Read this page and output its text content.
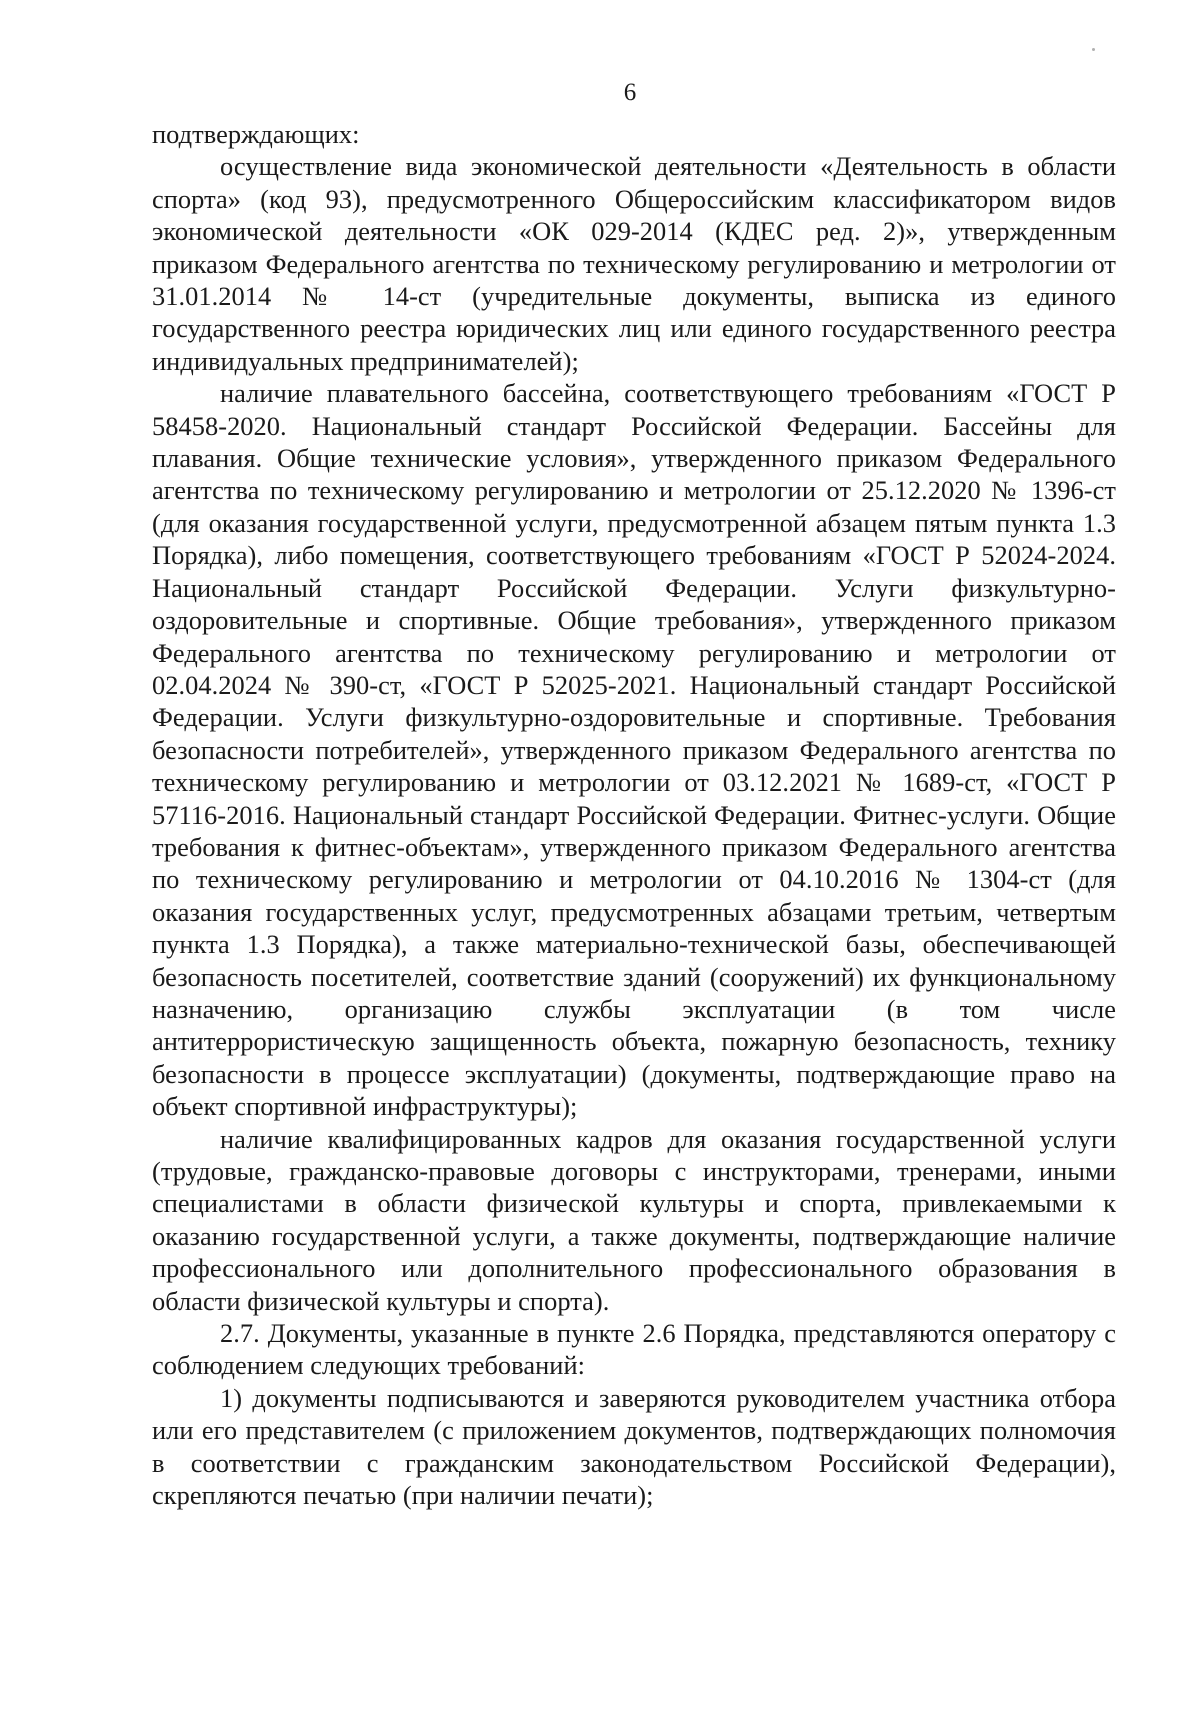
6

подтверждающих:

осуществление вида экономической деятельности «Деятельность в области спорта» (код 93), предусмотренного Общероссийским классификатором видов экономической деятельности «ОК 029-2014 (КДЕС ред. 2)», утвержденным приказом Федерального агентства по техническому регулированию и метрологии от 31.01.2014 № 14-ст (учредительные документы, выписка из единого государственного реестра юридических лиц или единого государственного реестра индивидуальных предпринимателей);

наличие плавательного бассейна, соответствующего требованиям «ГОСТ Р 58458-2020. Национальный стандарт Российской Федерации. Бассейны для плавания. Общие технические условия», утвержденного приказом Федерального агентства по техническому регулированию и метрологии от 25.12.2020 № 1396-ст (для оказания государственной услуги, предусмотренной абзацем пятым пункта 1.3 Порядка), либо помещения, соответствующего требованиям «ГОСТ Р 52024-2024. Национальный стандарт Российской Федерации. Услуги физкультурно-оздоровительные и спортивные. Общие требования», утвержденного приказом Федерального агентства по техническому регулированию и метрологии от 02.04.2024 № 390-ст, «ГОСТ Р 52025-2021. Национальный стандарт Российской Федерации. Услуги физкультурно-оздоровительные и спортивные. Требования безопасности потребителей», утвержденного приказом Федерального агентства по техническому регулированию и метрологии от 03.12.2021 № 1689-ст, «ГОСТ Р 57116-2016. Национальный стандарт Российской Федерации. Фитнес-услуги. Общие требования к фитнес-объектам», утвержденного приказом Федерального агентства по техническому регулированию и метрологии от 04.10.2016 № 1304-ст (для оказания государственных услуг, предусмотренных абзацами третьим, четвертым пункта 1.3 Порядка), а также материально-технической базы, обеспечивающей безопасность посетителей, соответствие зданий (сооружений) их функциональному назначению, организацию службы эксплуатации (в том числе антитеррористическую защищенность объекта, пожарную безопасность, технику безопасности в процессе эксплуатации) (документы, подтверждающие право на объект спортивной инфраструктуры);

наличие квалифицированных кадров для оказания государственной услуги (трудовые, гражданско-правовые договоры с инструкторами, тренерами, иными специалистами в области физической культуры и спорта, привлекаемыми к оказанию государственной услуги, а также документы, подтверждающие наличие профессионального или дополнительного профессионального образования в области физической культуры и спорта).

2.7. Документы, указанные в пункте 2.6 Порядка, представляются оператору с соблюдением следующих требований:

1) документы подписываются и заверяются руководителем участника отбора или его представителем (с приложением документов, подтверждающих полномочия в соответствии с гражданским законодательством Российской Федерации), скрепляются печатью (при наличии печати);
